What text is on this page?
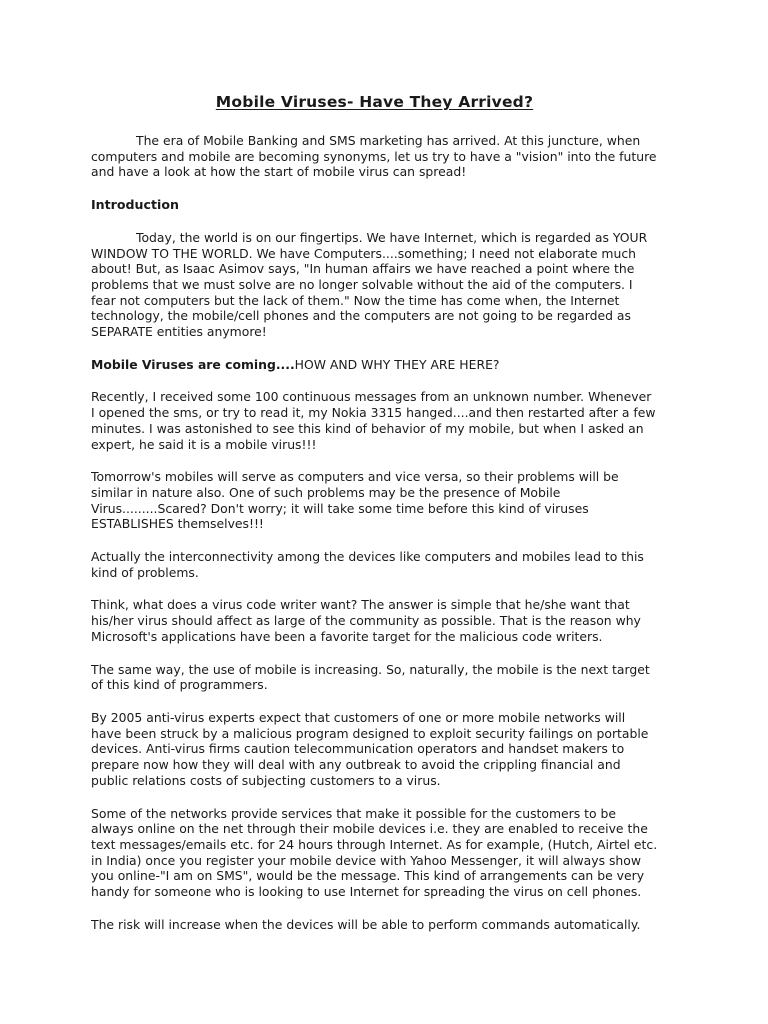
Mobile Viruses- Have They Arrived?

The era of Mobile Banking and SMS marketing has arrived. At this juncture, when computers and mobile are becoming synonyms, let us try to have a "vision" into the future and have a look at how the start of mobile virus can spread!

Introduction

Today, the world is on our fingertips. We have Internet, which is regarded as YOUR WINDOW TO THE WORLD. We have Computers....something; I need not elaborate much about! But, as Isaac Asimov says, "In human affairs we have reached a point where the problems that we must solve are no longer solvable without the aid of the computers. I fear not computers but the lack of them." Now the time has come when, the Internet technology, the mobile/cell phones and the computers are not going to be regarded as SEPARATE entities anymore!

Mobile Viruses are coming....HOW AND WHY THEY ARE HERE?

Recently, I received some 100 continuous messages from an unknown number. Whenever I opened the sms, or try to read it, my Nokia 3315 hanged....and then restarted after a few minutes. I was astonished to see this kind of behavior of my mobile, but when I asked an expert, he said it is a mobile virus!!!

Tomorrow's mobiles will serve as computers and vice versa, so their problems will be similar in nature also. One of such problems may be the presence of Mobile Virus.........Scared? Don't worry; it will take some time before this kind of viruses ESTABLISHES themselves!!!

Actually the interconnectivity among the devices like computers and mobiles lead to this kind of problems.

Think, what does a virus code writer want? The answer is simple that he/she want that his/her virus should affect as large of the community as possible. That is the reason why Microsoft's applications have been a favorite target for the malicious code writers.

The same way, the use of mobile is increasing. So, naturally, the mobile is the next target of this kind of programmers.

By 2005 anti-virus experts expect that customers of one or more mobile networks will have been struck by a malicious program designed to exploit security failings on portable devices. Anti-virus firms caution telecommunication operators and handset makers to prepare now how they will deal with any outbreak to avoid the crippling financial and public relations costs of subjecting customers to a virus.

Some of the networks provide services that make it possible for the customers to be always online on the net through their mobile devices i.e. they are enabled to receive the text messages/emails etc. for 24 hours through Internet. As for example, (Hutch, Airtel etc. in India) once you register your mobile device with Yahoo Messenger, it will always show you online-"I am on SMS", would be the message. This kind of arrangements can be very handy for someone who is looking to use Internet for spreading the virus on cell phones.

The risk will increase when the devices will be able to perform commands automatically.
